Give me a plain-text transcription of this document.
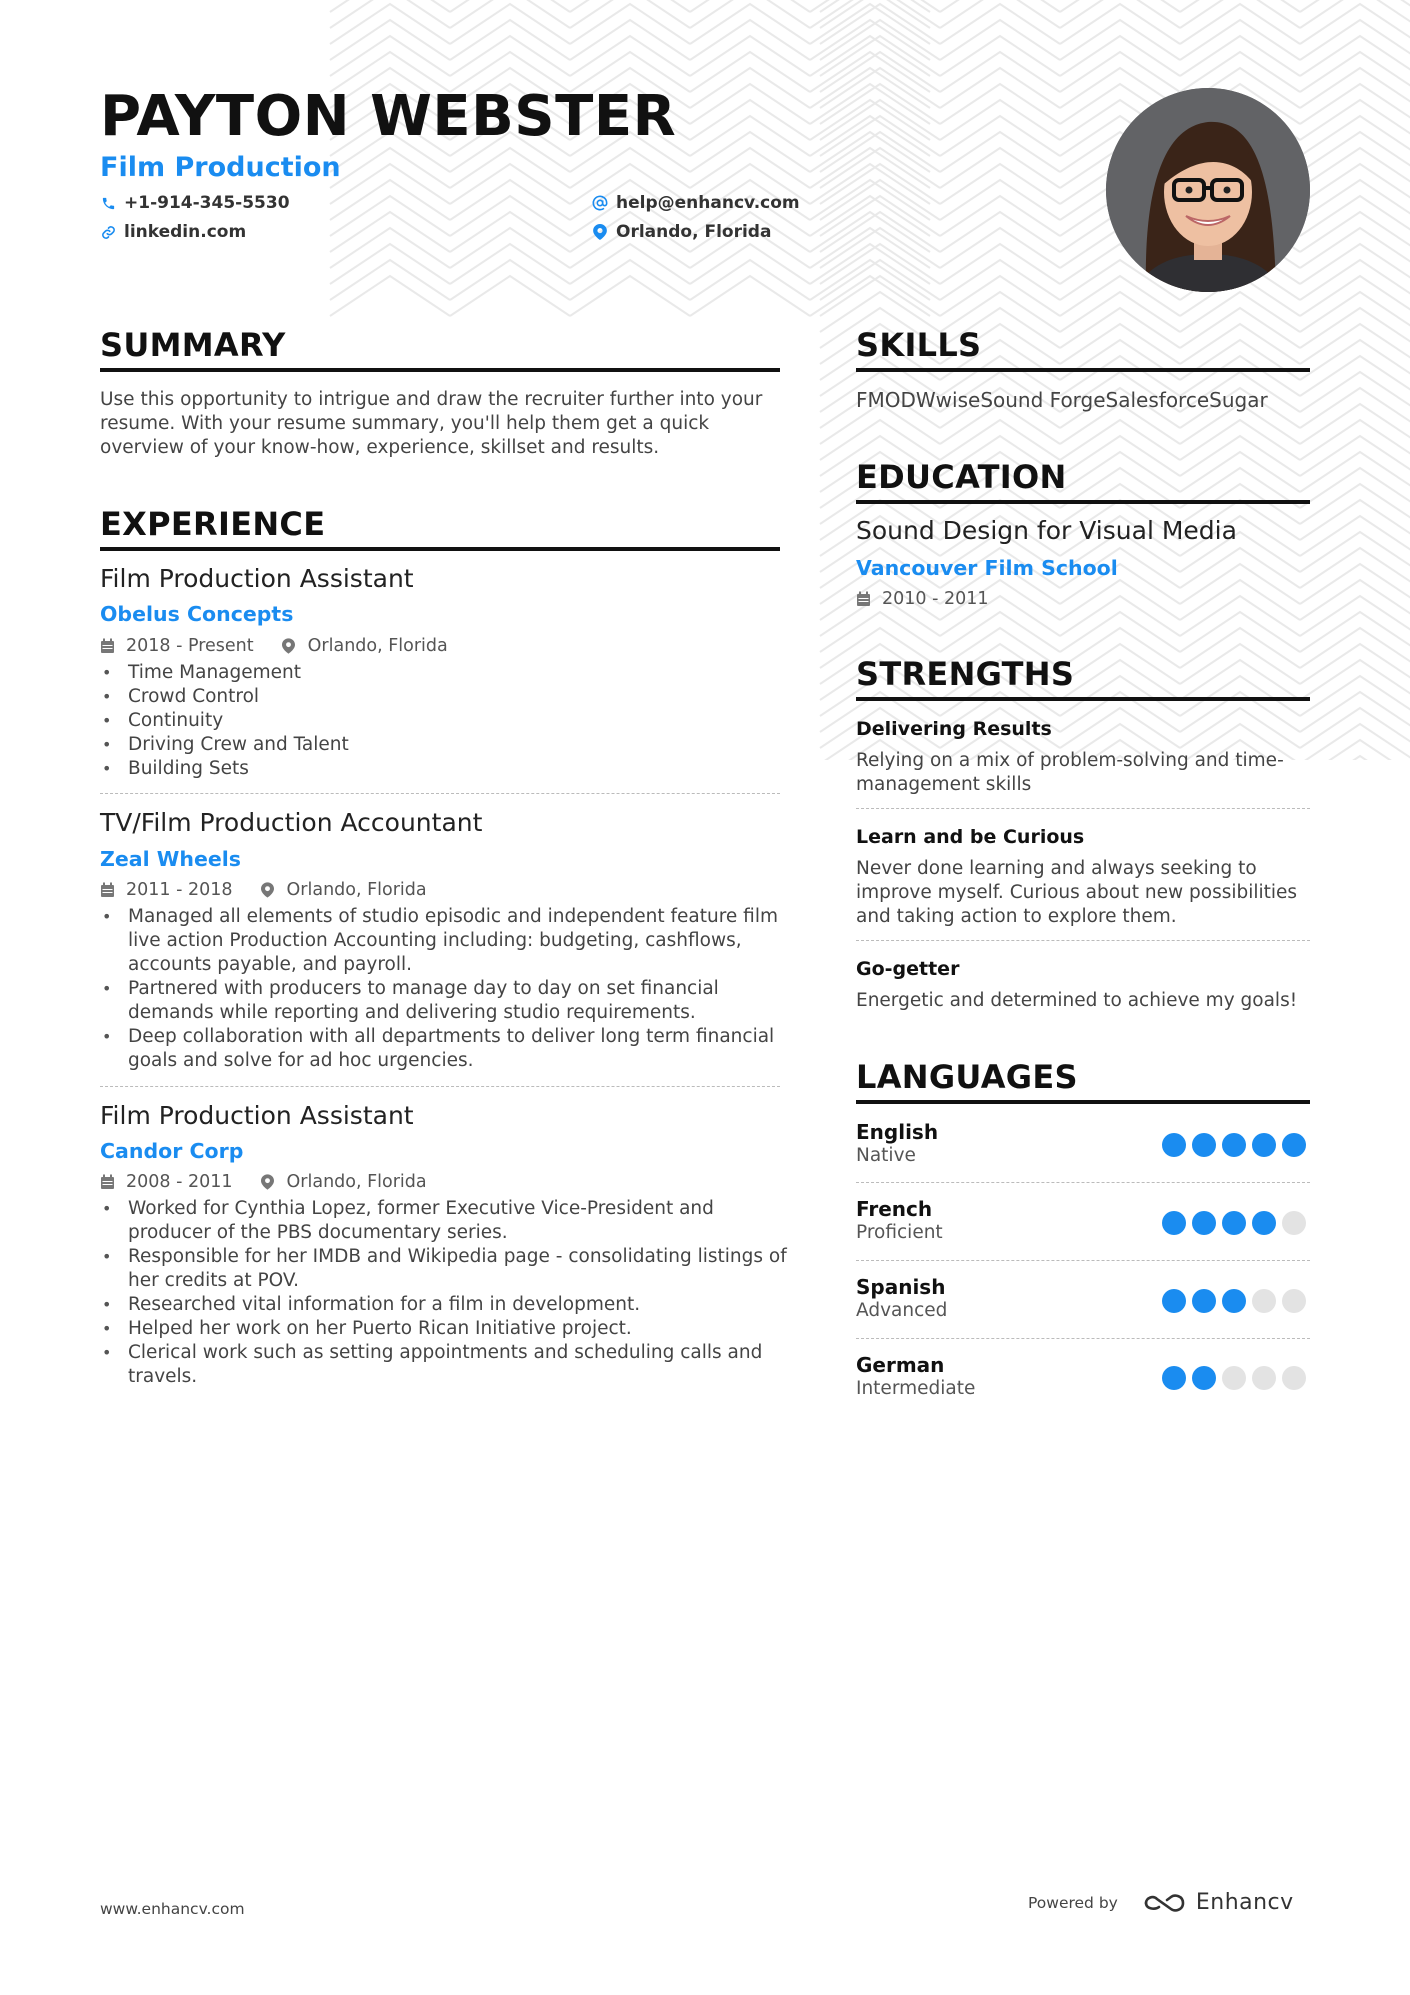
PAYTON WEBSTER
Film Production
+1-914-345-5530
linkedin.com
help@enhancv.com
Orlando, Florida
SUMMARY
Use this opportunity to intrigue and draw the recruiter further into your
resume. With your resume summary, you'll help them get a quick
overview of your know-how, experience, skillset and results.
EXPERIENCE
Film Production Assistant
Obelus Concepts
2018 - Present	Orlando, Florida
• Time Management
• Crowd Control
• Continuity
• Driving Crew and Talent
• Building Sets
TV/Film Production Accountant
Zeal Wheels
2011 - 2018	Orlando, Florida
• Managed all elements of studio episodic and independent feature film live action Production Accounting including: budgeting, cashflows, accounts payable, and payroll.
• Partnered with producers to manage day to day on set financial demands while reporting and delivering studio requirements.
• Deep collaboration with all departments to deliver long term financial goals and solve for ad hoc urgencies.
Film Production Assistant
Candor Corp
2008 - 2011	Orlando, Florida
• Worked for Cynthia Lopez, former Executive Vice-President and producer of the PBS documentary series.
• Responsible for her IMDB and Wikipedia page - consolidating listings of her credits at POV.
• Researched vital information for a film in development.
• Helped her work on her Puerto Rican Initiative project.
• Clerical work such as setting appointments and scheduling calls and travels.
SKILLS
FMODWwiseSound ForgeSalesforceSugar
EDUCATION
Sound Design for Visual Media
Vancouver Film School
2010 - 2011
STRENGTHS
Delivering Results
Relying on a mix of problem-solving and time-management skills
Learn and be Curious
Never done learning and always seeking to improve myself. Curious about new possibilities and taking action to explore them.
Go-getter
Energetic and determined to achieve my goals!
LANGUAGES
English
Native
French
Proficient
Spanish
Advanced
German
Intermediate
www.enhancv.com	Powered by	Enhancv
